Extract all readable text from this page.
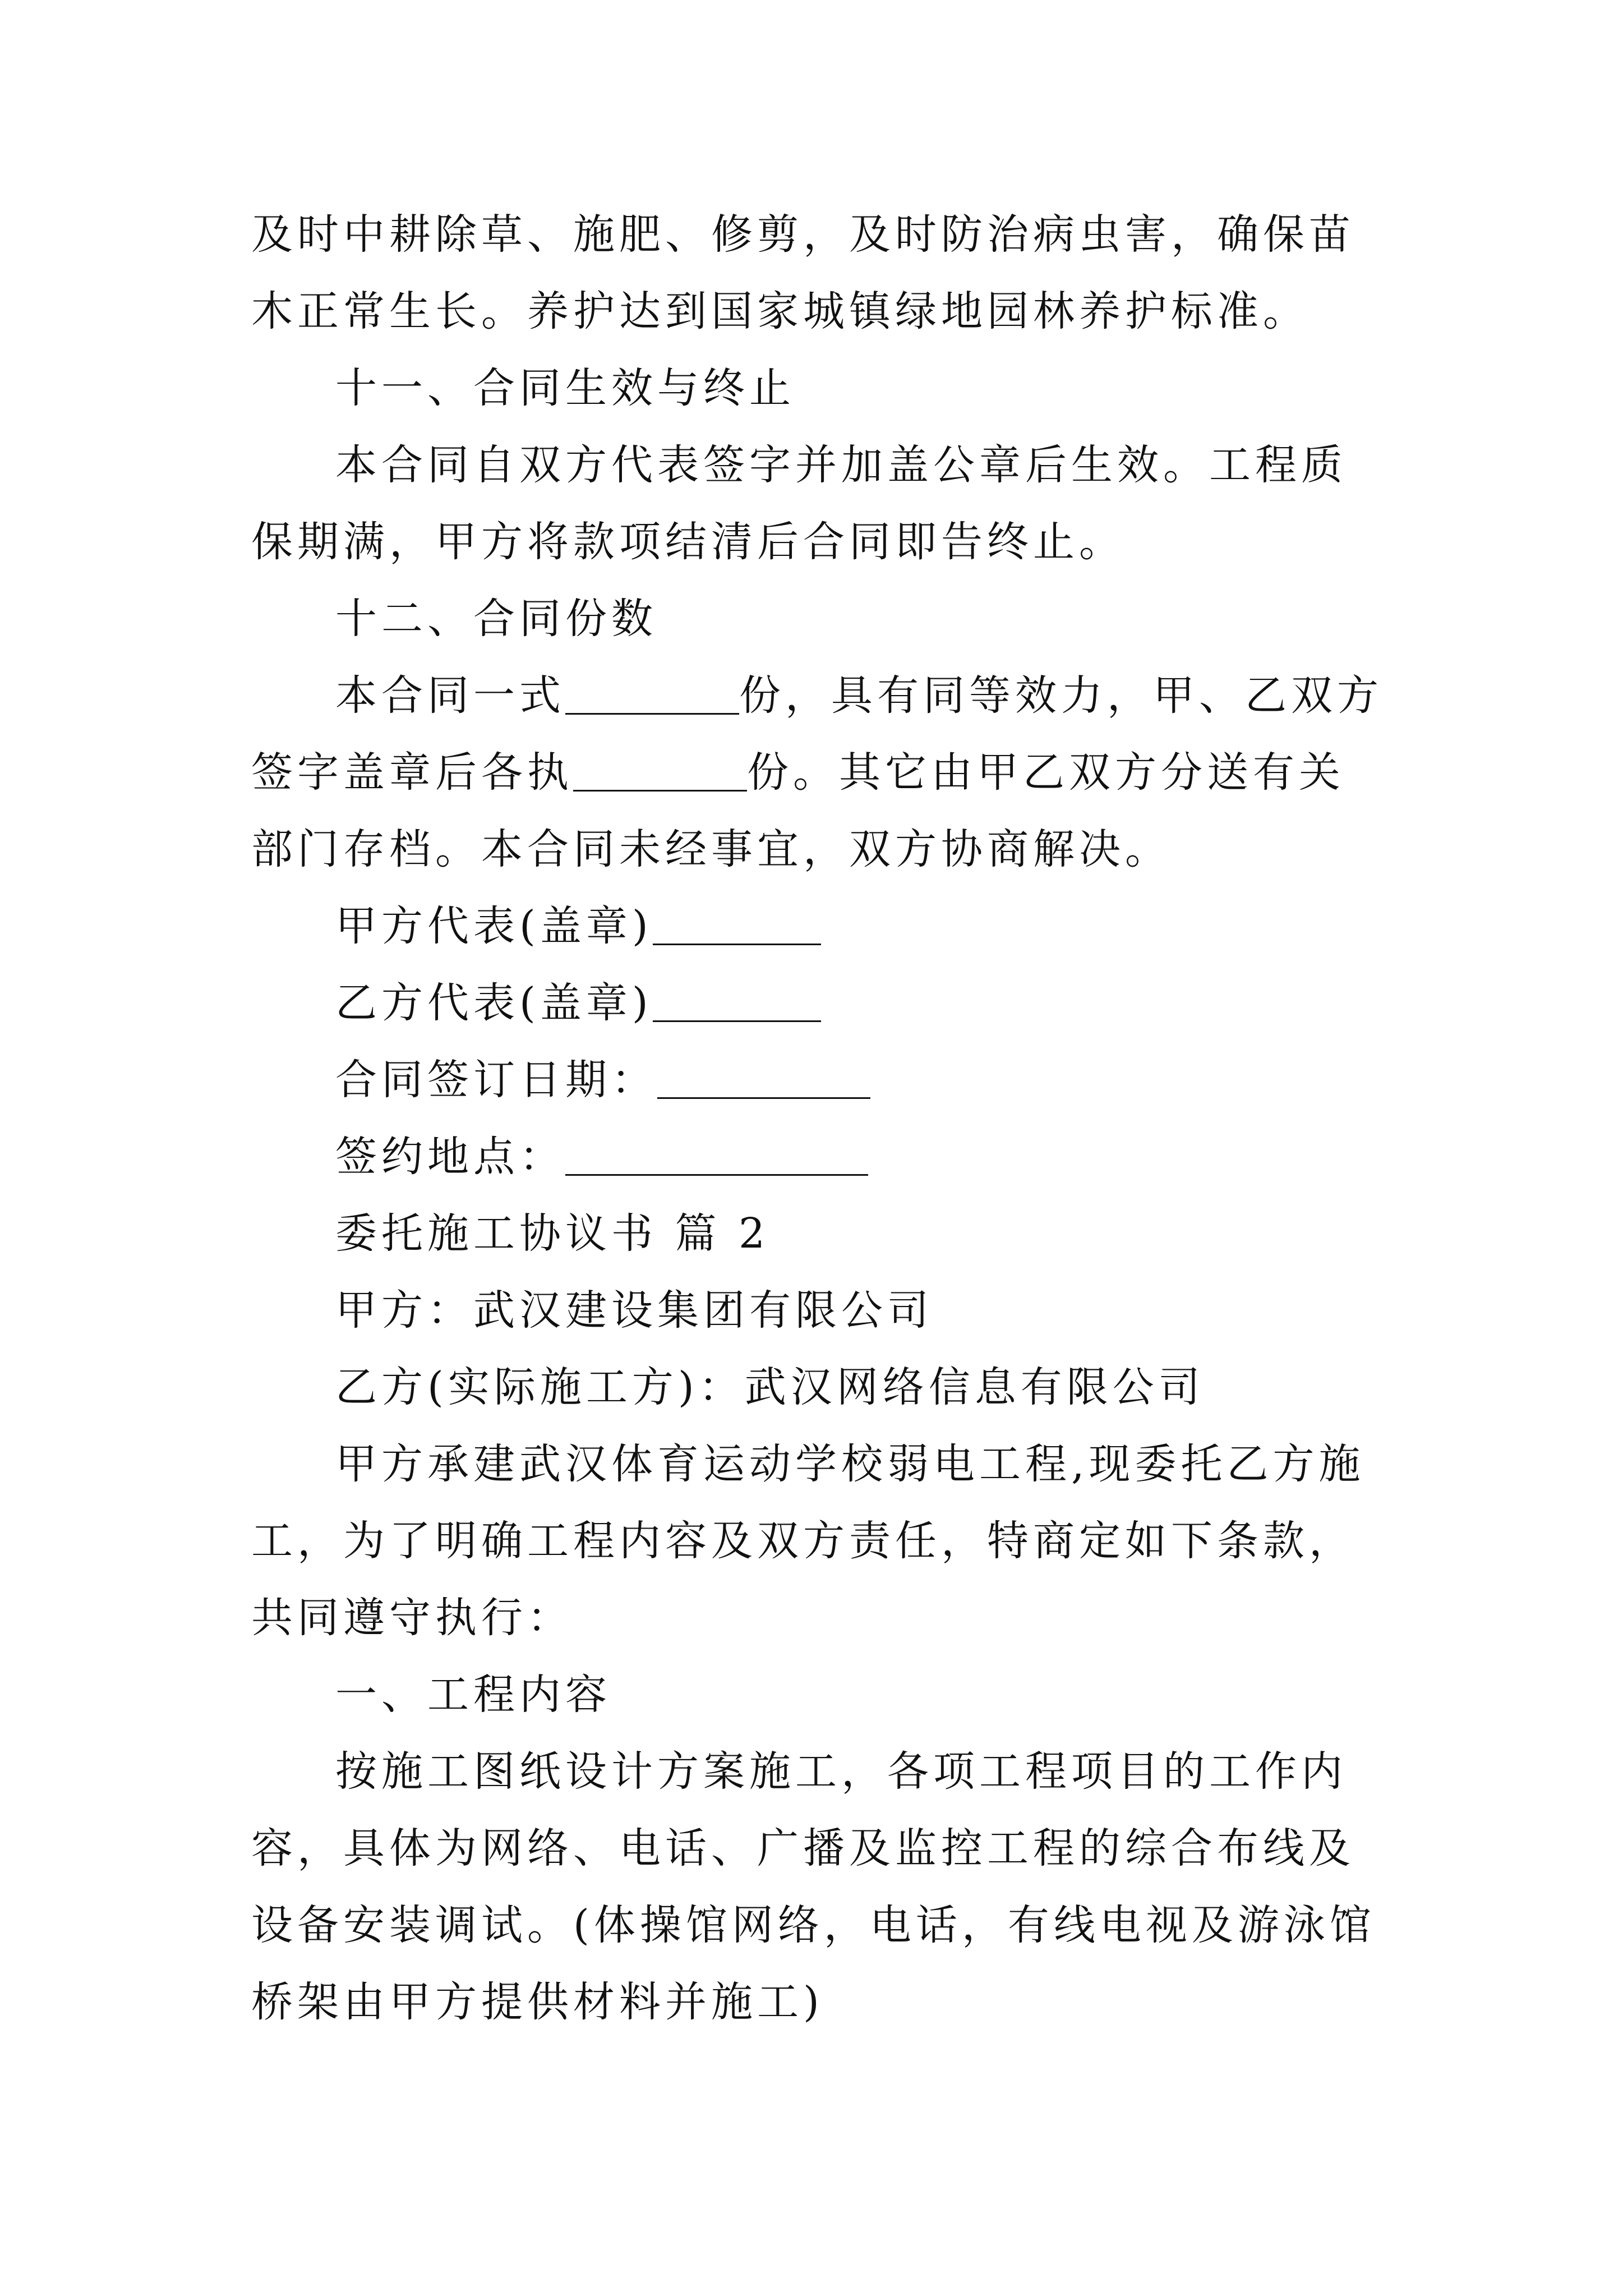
及时中耕除草、施肥、修剪，及时防治病虫害，确保苗木正常生长。养护达到国家城镇绿地园林养护标准。

十一、合同生效与终止

本合同自双方代表签字并加盖公章后生效。工程质保期满，甲方将款项结清后合同即告终止。

十二、合同份数

本合同一式	份，具有同等效力，甲、乙双方签字盖章后各执	份。其它由甲乙双方分送有关部门存档。本合同未经事宜，双方协商解决。

甲方代表(盖章)

乙方代表(盖章)

合同签订日期：

签约地点：

委托施工协议书 篇 2

甲方：武汉建设集团有限公司

乙方(实际施工方)：武汉网络信息有限公司

甲方承建武汉体育运动学校弱电工程,现委托乙方施工，为了明确工程内容及双方责任，特商定如下条款，共同遵守执行：

一、工程内容

按施工图纸设计方案施工，各项工程项目的工作内容，具体为网络、电话、广播及监控工程的综合布线及设备安装调试。(体操馆网络，电话，有线电视及游泳馆桥架由甲方提供材料并施工)
